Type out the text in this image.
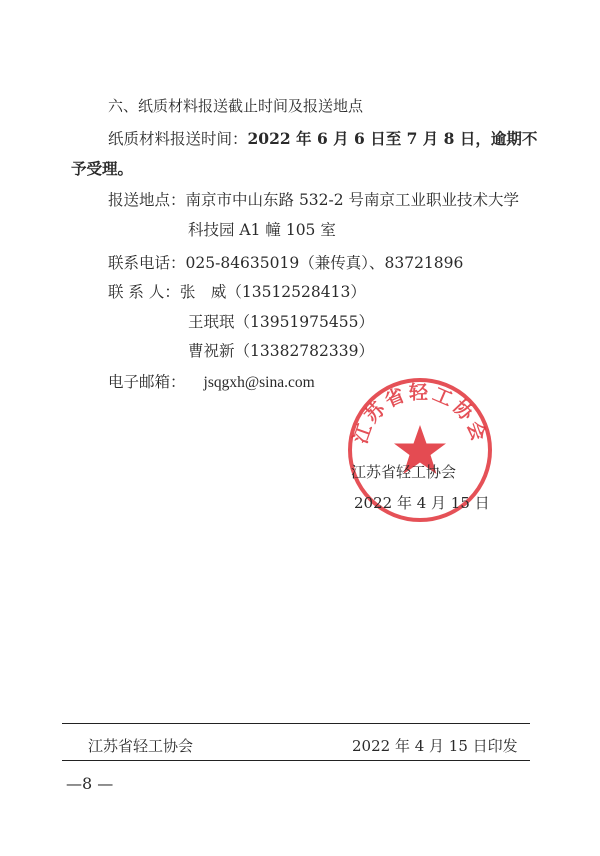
六、纸质材料报送截止时间及报送地点
纸质材料报送时间：2022 年 6 月 6 日至 7 月 8 日，逾期不
予受理。
报送地点：南京市中山东路 532-2 号南京工业职业技术大学
科技园 A1 幢 105 室
联系电话：025-84635019（兼传真）、83721896
联 系 人：张　威（13512528413）
王珉珉（13951975455）
曹祝新（13382782339）
电子邮箱： jsqgxh@sina.com
江苏省轻工协会
江苏省轻工协会
2022 年 4 月 15 日
江苏省轻工协会	2022 年 4 月 15 日印发
—8 —
